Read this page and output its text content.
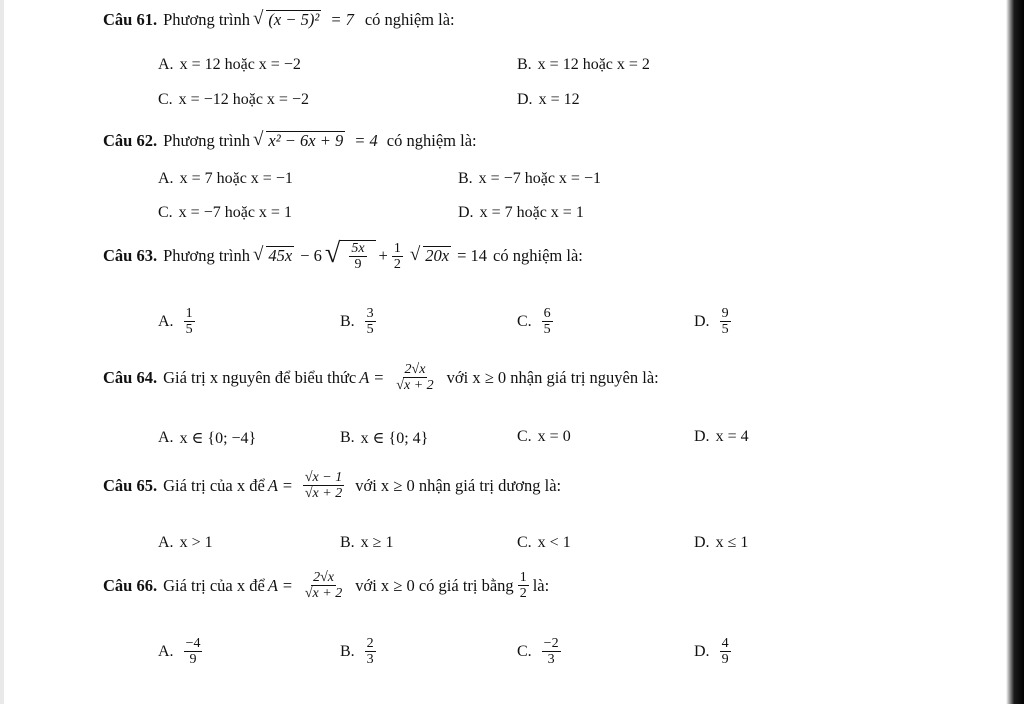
Câu 61. Phương trình √ (x − 5)² = 7 có nghiệm là:
A. x = 12 hoặc x = −2	B. x = 12 hoặc x = 2
C. x = −12 hoặc x = −2	D. x = 12
Câu 62. Phương trình √ x² − 6x + 9 = 4 có nghiệm là:
A. x = 7 hoặc x = −1	B. x = −7 hoặc x = −1
C. x = −7 hoặc x = 1	D. x = 7 hoặc x = 1
Câu 63. Phương trình √ 45x − 6 √ $\frac{5x}{9} + \frac{1}{2}$ √ 20x = 14 có nghiệm là:
A. $\frac{1}{5}$	B. $\frac{3}{5}$	C. $\frac{6}{5}$	D. $\frac{9}{5}$
Câu 64. Giá trị x nguyên để biểu thức $A = \frac{2√x}{√x + 2}$ với x ≥ 0 nhận giá trị nguyên là:
A. x ∈ {0; −4}	B. x ∈ {0; 4}	C. x = 0	D. x = 4
Câu 65. Giá trị của x để $A = \frac{√x - 1}{√x + 2}$ với x ≥ 0 nhận giá trị dương là:
A. x > 1	B. x ≥ 1	C. x < 1	D. x ≤ 1
Câu 66. Giá trị của x để $A = \frac{2√x}{√x + 2}$ với x ≥ 0 có giá trị bằng $\frac{1}{2}$ là:
A. $\frac{-4}{9}$	B. $\frac{2}{3}$	C. $\frac{-2}{3}$	D. $\frac{4}{9}$
